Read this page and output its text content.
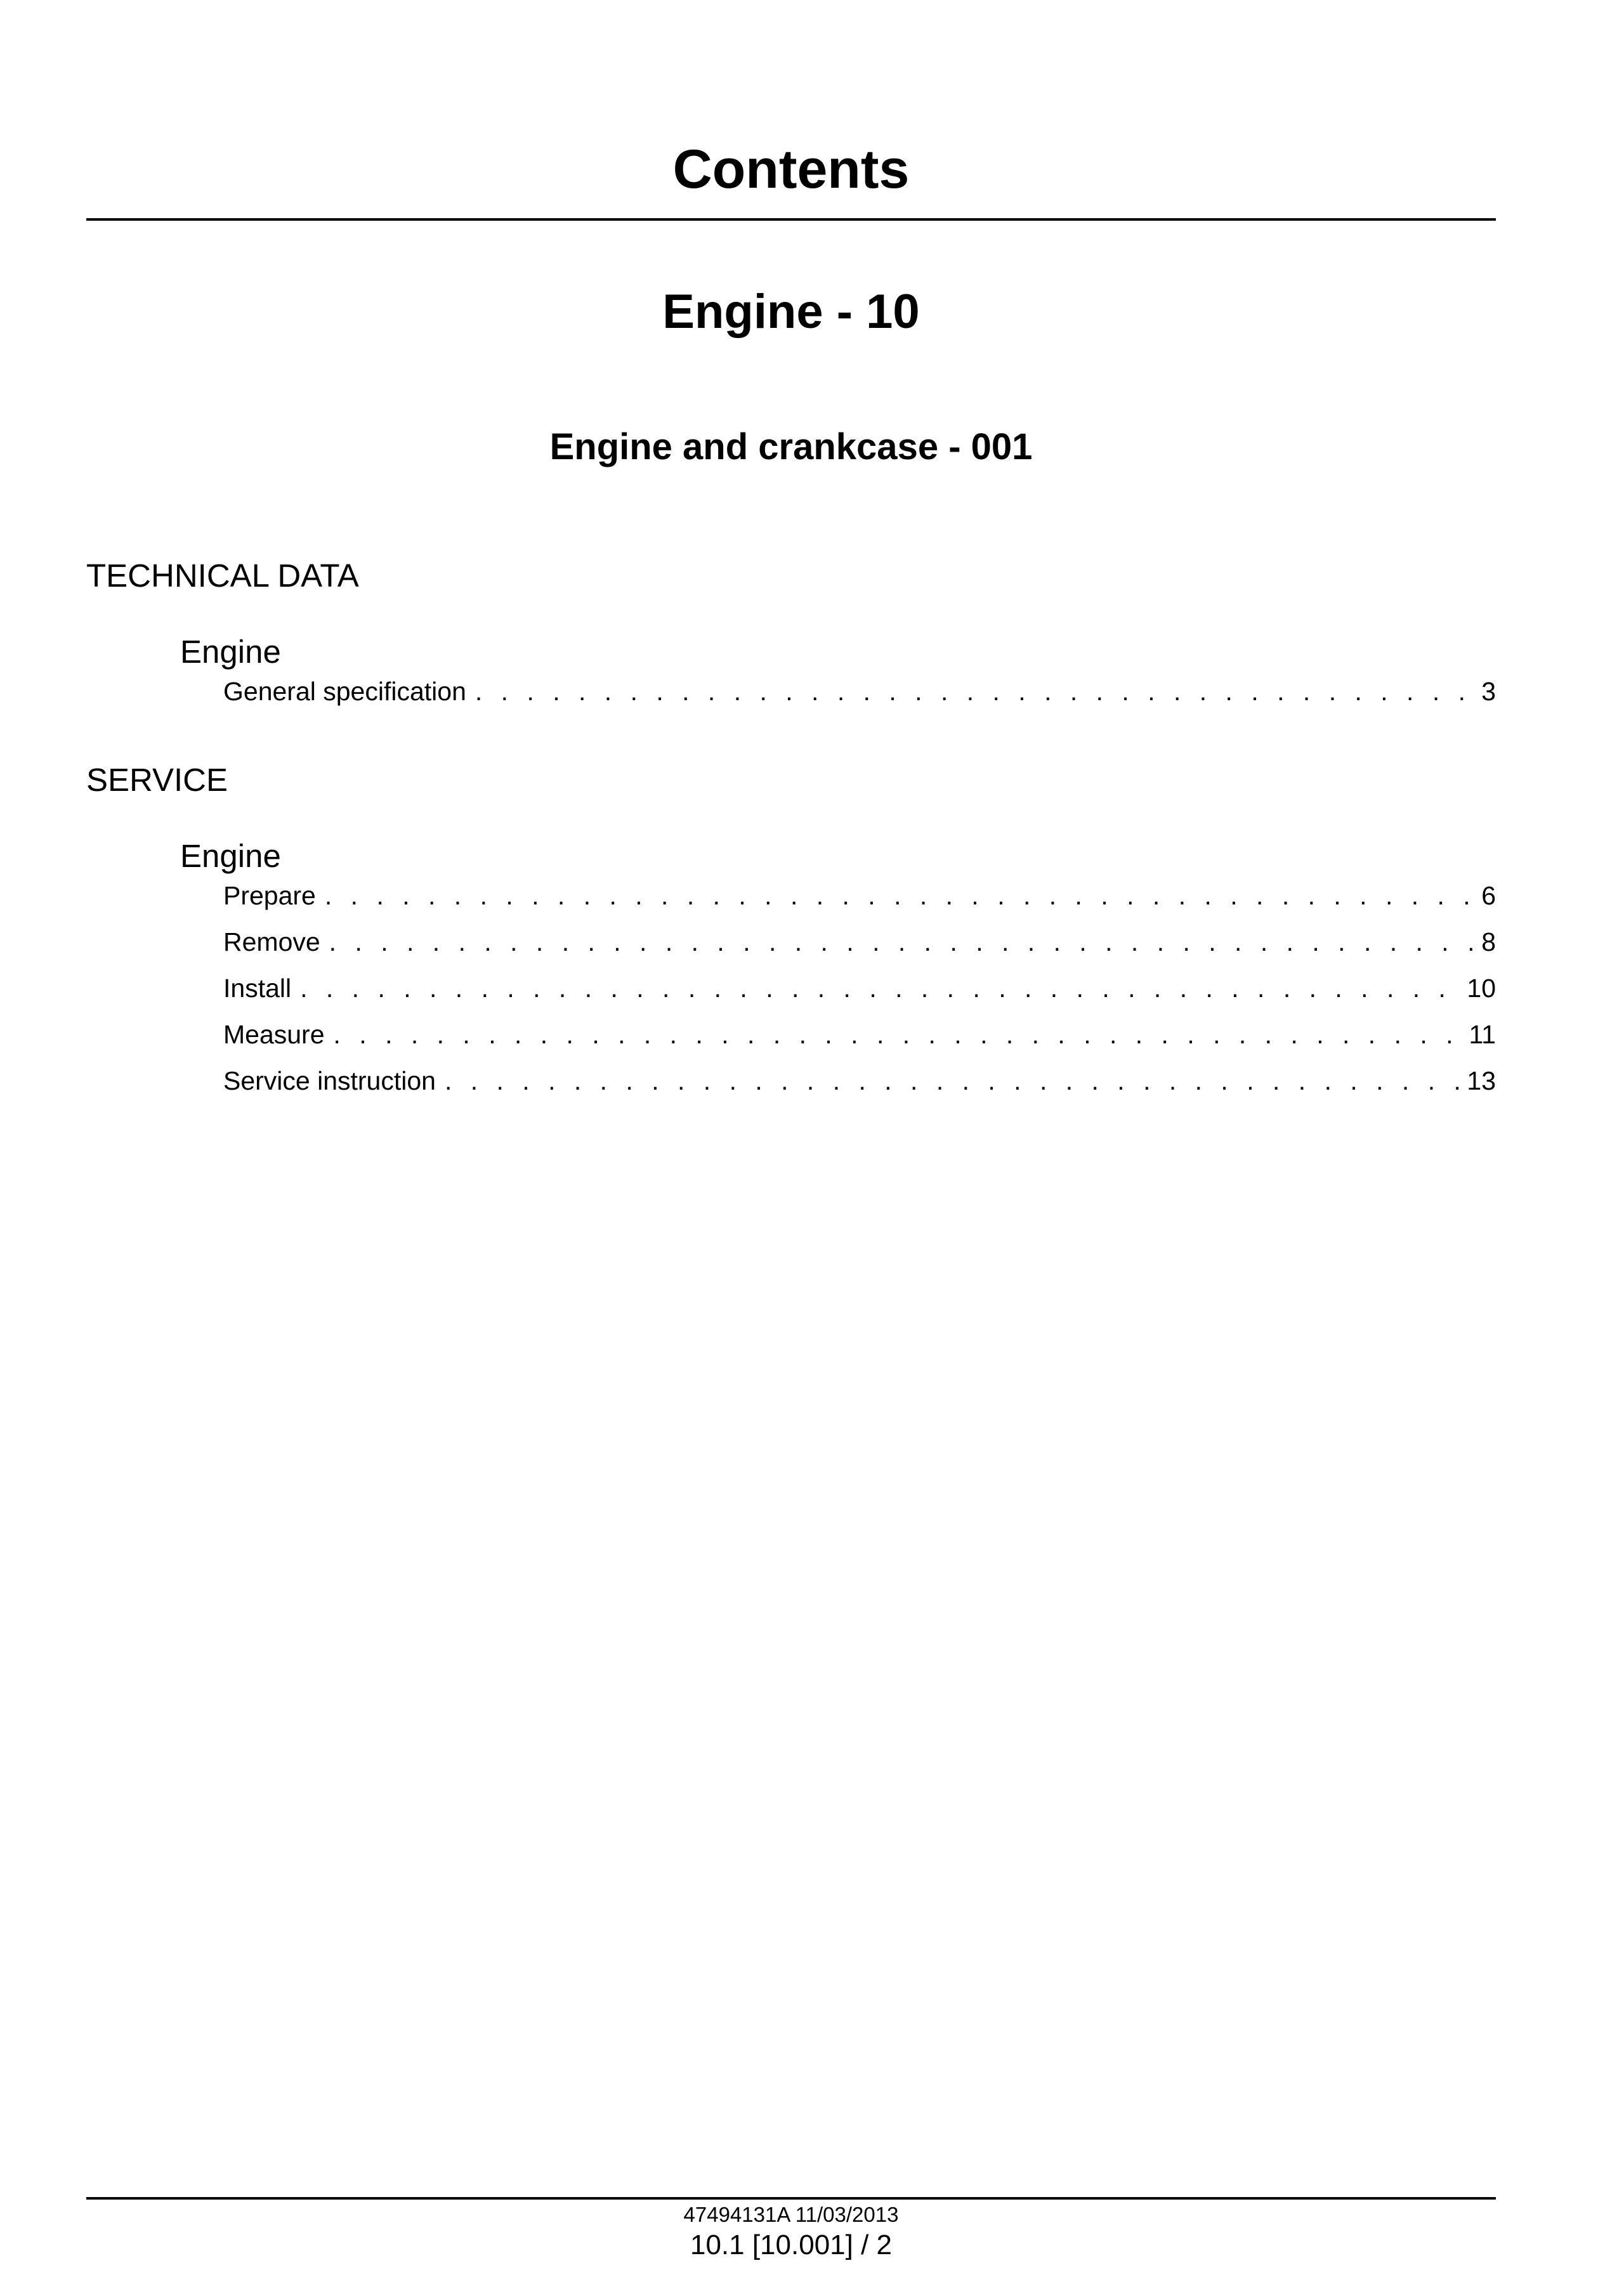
Contents
Engine - 10
Engine and crankcase - 001
TECHNICAL DATA
Engine
General specification . . .	3
SERVICE
Engine
Prepare . . .	6
Remove . . .	8
Install . . .	10
Measure . . .	11
Service instruction . . .	13
47494131A 11/03/2013
10.1 [10.001] / 2
